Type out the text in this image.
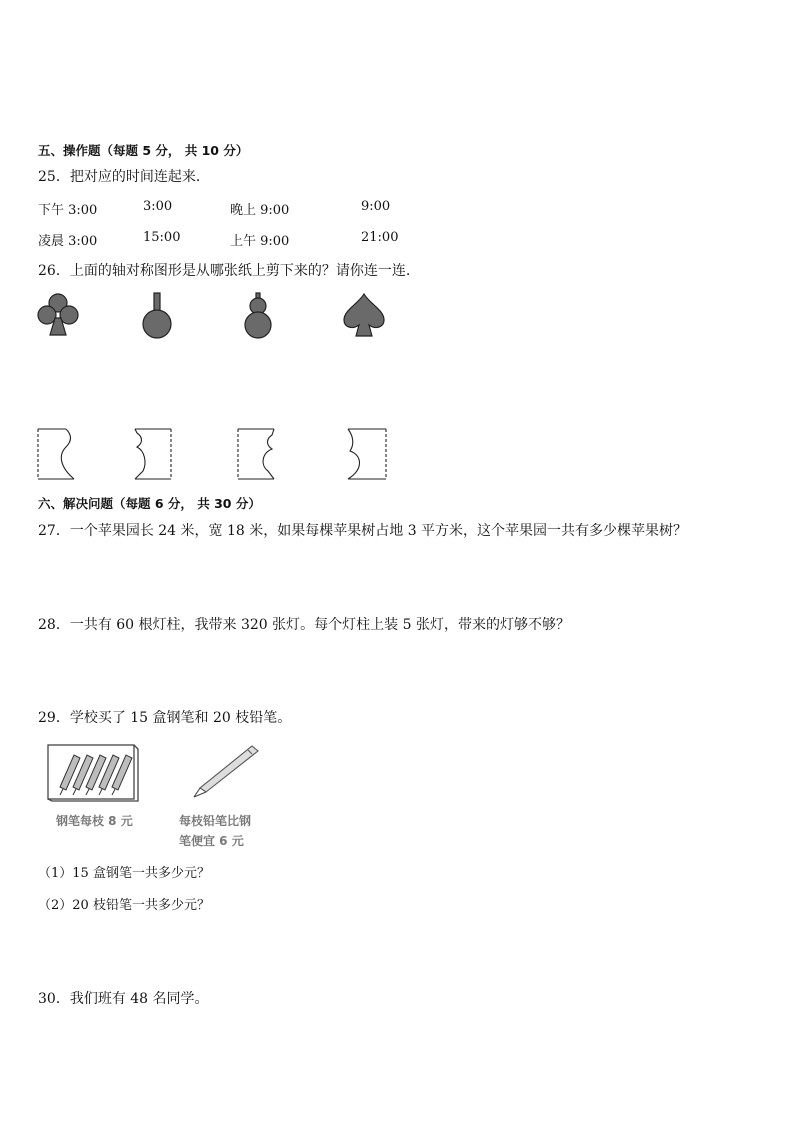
五、操作题（每题 5 分， 共 10 分）
25．把对应的时间连起来．
下午 3:00	3:00	晚上 9:00	9:00
凌晨 3:00	15:00	上午 9:00	21:00
26．上面的轴对称图形是从哪张纸上剪下来的？请你连一连.
六、解决问题（每题 6 分， 共 30 分）
27．一个苹果园长 24 米，宽 18 米，如果每棵苹果树占地 3 平方米，这个苹果园一共有多少棵苹果树？
28．一共有 60 根灯柱，我带来 320 张灯。每个灯柱上装 5 张灯，带来的灯够不够？
29．学校买了 15 盒钢笔和 20 枝铅笔。
钢笔每枝 8 元	每枝铅笔比钢
笔便宜 6 元
（1）15 盒钢笔一共多少元？
（2）20 枝铅笔一共多少元？
30．我们班有 48 名同学。
